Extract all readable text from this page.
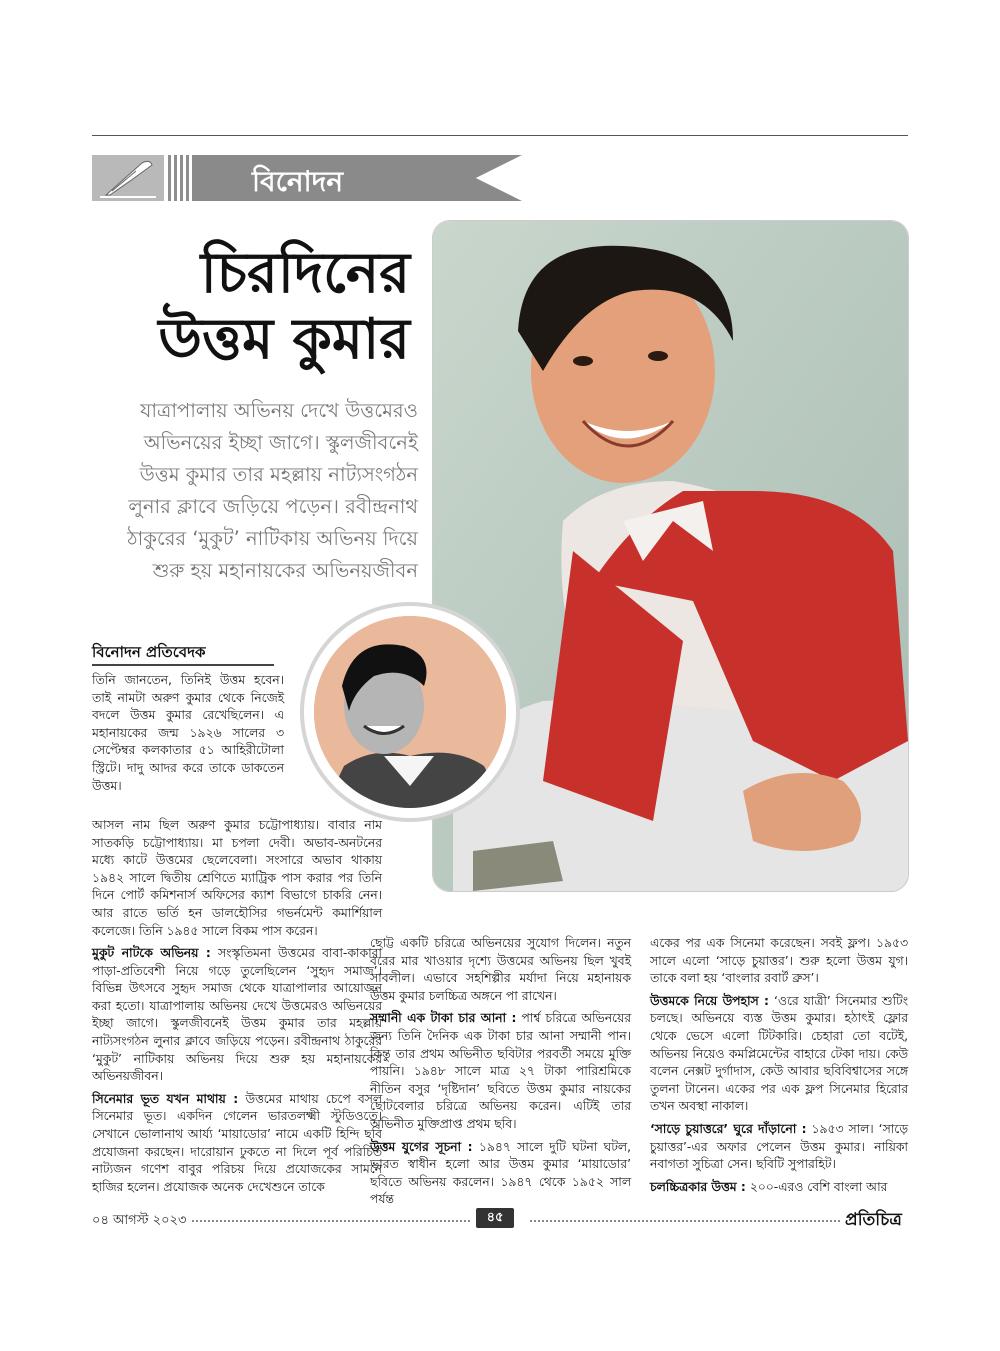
বিনোদন
চিরদিনের
উত্তম কুমার
যাত্রাপালায় অভিনয় দেখে উত্তমেরও অভিনয়ের ইচ্ছা জাগে। স্কুলজীবনেই উত্তম কুমার তার মহল্লায় নাট্যসংগঠন লুনার ক্লাবে জড়িয়ে পড়েন। রবীন্দ্রনাথ ঠাকুরের ‘মুকুট’ নাটিকায় অভিনয় দিয়ে শুরু হয় মহানায়কের অভিনয়জীবন
বিনোদন প্রতিবেদক
তিনি জানতেন, তিনিই উত্তম হবেন। তাই নামটা অরুণ কুমার থেকে নিজেই বদলে উত্তম কুমার রেখেছিলেন। এ মহানায়কের জন্ম ১৯২৬ সালের ৩ সেপ্টেম্বর কলকাতার ৫১ আহিরীটোলা স্ট্রিটে। দাদু আদর করে তাকে ডাকতেন উত্তম।
আসল নাম ছিল অরুণ কুমার চট্টোপাধ্যায়। বাবার নাম সাতকড়ি চট্টোপাধ্যায়। মা চপলা দেবী। অভাব-অনটনের মধ্যে কাটে উত্তমের ছেলেবেলা। সংসারে অভাব থাকায় ১৯৪২ সালে দ্বিতীয় শ্রেণিতে ম্যাট্রিক পাস করার পর তিনি দিনে পোর্ট কমিশনার্স অফিসের ক্যাশ বিভাগে চাকরি নেন। আর রাতে ভর্তি হন ডালহৌসির গভর্নমেন্ট কমার্শিয়াল কলেজে। তিনি ১৯৪৫ সালে বিকম পাস করেন।

মুকুট নাটকে অভিনয় : সংস্কৃতিমনা উত্তমের বাবা-কাকারা পাড়া-প্রতিবেশী নিয়ে গড়ে তুলেছিলেন ‘সুহৃদ সমাজ’। বিভিন্ন উৎসবে সুহৃদ সমাজ থেকে যাত্রাপালার আয়োজন করা হতো। যাত্রাপালায় অভিনয় দেখে উত্তমেরও অভিনয়ের ইচ্ছা জাগে। স্কুলজীবনেই উত্তম কুমার তার মহল্লায় নাট্যসংগঠন লুনার ক্লাবে জড়িয়ে পড়েন। রবীন্দ্রনাথ ঠাকুরের ‘মুকুট’ নাটিকায় অভিনয় দিয়ে শুরু হয় মহানায়কের অভিনয়জীবন।

সিনেমার ভূত যখন মাথায় : উত্তমের মাথায় চেপে বসল সিনেমার ভূত। একদিন গেলেন ভারতলক্ষ্মী স্টুডিওতে। সেখানে ভোলানাথ আর্য্য ‘মায়াডোর’ নামে একটি হিন্দি ছবি প্রযোজনা করছেন। দারোয়ান ঢুকতে না দিলে পূর্ব পরিচিত নাট্যজন গণেশ বাবুর পরিচয় দিয়ে প্রযোজকের সামনে হাজির হলেন। প্রযোজক অনেক দেখেশুনে তাকে

ছোট্ট একটি চরিত্রে অভিনয়ের সুযোগ দিলেন। নতুন বরের মার খাওয়ার দৃশ্যে উত্তমের অভিনয় ছিল খুবই সাবলীল। এভাবে সহশিল্পীর মর্যাদা নিয়ে মহানায়ক উত্তম কুমার চলচ্চিত্র অঙ্গনে পা রাখেন।

সম্মানী এক টাকা চার আনা : পার্শ্ব চরিত্রে অভিনয়ের জন্য তিনি দৈনিক এক টাকা চার আনা সম্মানী পান। কিন্তু তার প্রথম অভিনীত ছবিটার পরবর্তী সময়ে মুক্তি পায়নি। ১৯৪৮ সালে মাত্র ২৭ টাকা পারিশ্রমিকে নীতিন বসুর ‘দৃষ্টিদান’ ছবিতে উত্তম কুমার নায়কের ছোটবেলার চরিত্রে অভিনয় করেন। এটিই তার অভিনীত মুক্তিপ্রাপ্ত প্রথম ছবি।

উত্তম যুগের সূচনা : ১৯৪৭ সালে দুটি ঘটনা ঘটল, ভারত স্বাধীন হলো আর উত্তম কুমার ‘মায়াডোর’ ছবিতে অভিনয় করলেন। ১৯৪৭ থেকে ১৯৫২ সাল পর্যন্ত

একের পর এক সিনেমা করেছেন। সবই ফ্লপ। ১৯৫৩ সালে এলো ‘সাড়ে চুয়াত্তর’। শুরু হলো উত্তম যুগ। তাকে বলা হয় ‘বাংলার রবার্ট ব্রুস’।

উত্তমকে নিয়ে উপহাস : ‘ওরে যাত্রী’ সিনেমার শুটিং চলছে। অভিনয়ে ব্যস্ত উত্তম কুমার। হঠাৎই ফ্লোর থেকে ভেসে এলো টিটকারি। চেহারা তো বটেই, অভিনয় নিয়েও কমপ্লিমেন্টের বাহারে টেকা দায়। কেউ বলেন নেক্সট দুর্গাদাস, কেউ আবার ছবিবিশ্বাসের সঙ্গে তুলনা টানেন। একের পর এক ফ্লপ সিনেমার হিরোর তখন অবস্থা নাকাল।

‘সাড়ে চুয়াত্তরে’ ঘুরে দাঁড়ানো : ১৯৫৩ সাল। ‘সাড়ে চুয়াত্তর’-এর অফার পেলেন উত্তম কুমার। নায়িকা নবাগতা সুচিত্রা সেন। ছবিটি সুপারহিট।

চলচ্চিত্রকার উত্তম : ২০০-এরও বেশি বাংলা আর

০৪ আগস্ট ২০২৩	৪৫	প্রতিচিত্র
